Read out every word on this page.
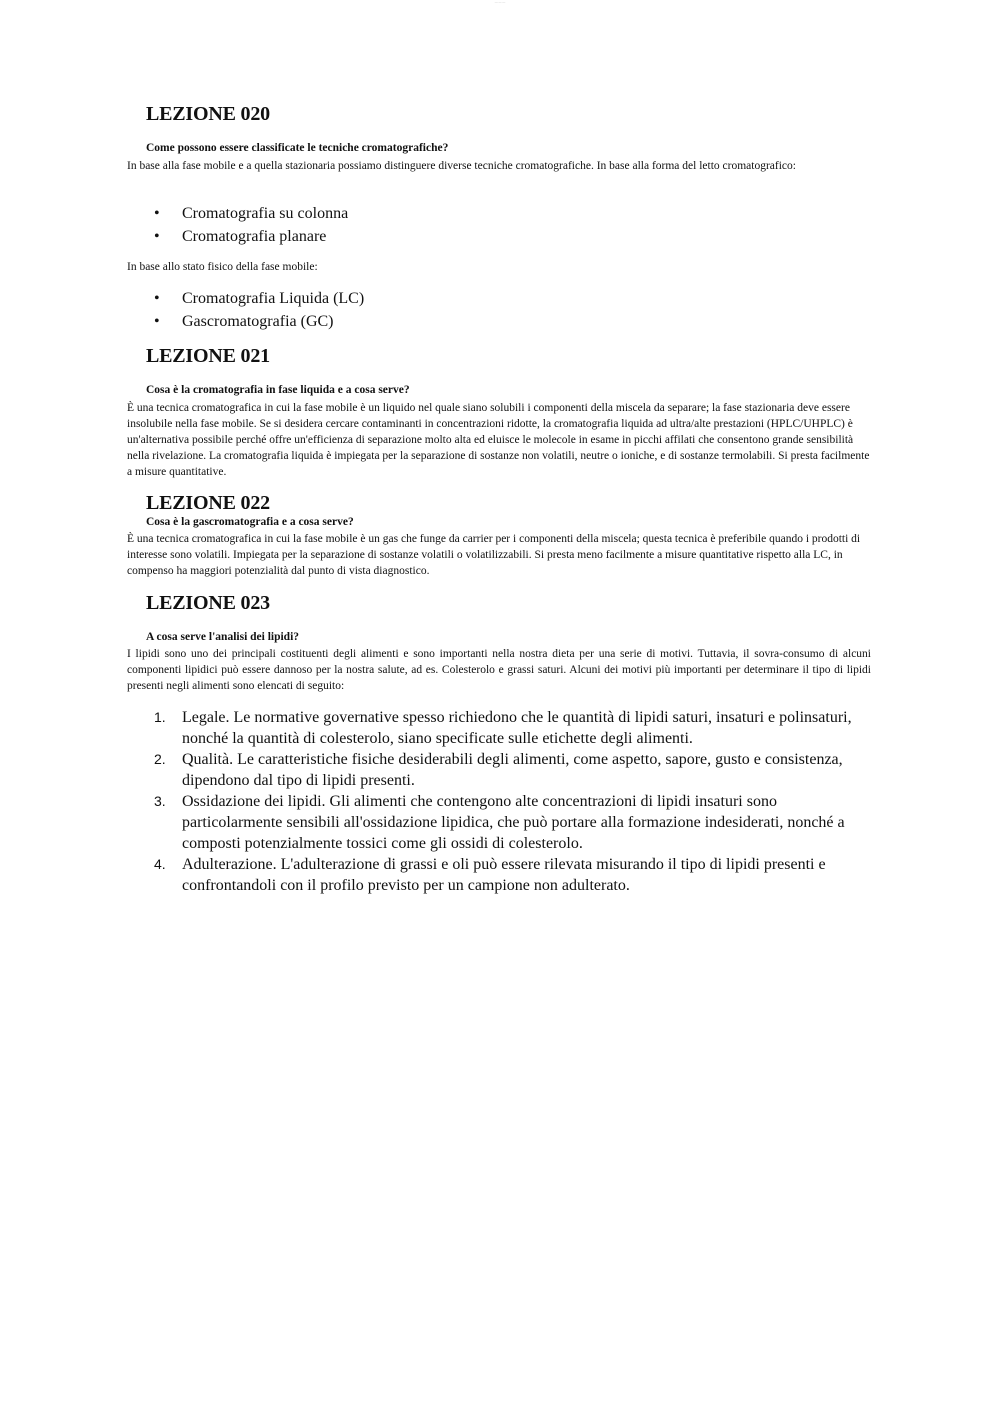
— — —
LEZIONE 020

Come possono essere classificate le tecniche cromatografiche?

In base alla fase mobile e a quella stazionaria possiamo distinguere diverse tecniche cromatografiche. In base alla forma del letto cromatografico:

• Cromatografia su colonna
• Cromatografia planare

In base allo stato fisico della fase mobile:

• Cromatografia Liquida (LC)
• Gascromatografia (GC)
LEZIONE 021

Cosa è la cromatografia in fase liquida e a cosa serve?

È una tecnica cromatografica in cui la fase mobile è un liquido nel quale siano solubili i componenti della miscela da separare; la fase stazionaria deve essere insolubile nella fase mobile. Se si desidera cercare contaminanti in concentrazioni ridotte, la cromatografia liquida ad ultra/alte prestazioni (HPLC/UHPLC) è un'alternativa possibile perché offre un'efficienza di separazione molto alta ed eluisce le molecole in esame in picchi affilati che consentono grande sensibilità nella rivelazione. La cromatografia liquida è impiegata per la separazione di sostanze non volatili, neutre o ioniche, e di sostanze termolabili. Si presta facilmente a misure quantitative.

LEZIONE 022

Cosa è la gascromatografia e a cosa serve?

È una tecnica cromatografica in cui la fase mobile è un gas che funge da carrier per i componenti della miscela; questa tecnica è preferibile quando i prodotti di interesse sono volatili. Impiegata per la separazione di sostanze volatili o volatilizzabili. Si presta meno facilmente a misure quantitative rispetto alla LC, in compenso ha maggiori potenzialità dal punto di vista diagnostico.

LEZIONE 023

A cosa serve l'analisi dei lipidi?

I lipidi sono uno dei principali costituenti degli alimenti e sono importanti nella nostra dieta per una serie di motivi. Tuttavia, il sovra-consumo di alcuni componenti lipidici può essere dannoso per la nostra salute, ad es. Colesterolo e grassi saturi. Alcuni dei motivi più importanti per determinare il tipo di lipidi presenti negli alimenti sono elencati di seguito:

1. Legale. Le normative governative spesso richiedono che le quantità di lipidi saturi, insaturi e polinsaturi, nonché la quantità di colesterolo, siano specificate sulle etichette degli alimenti.
2. Qualità. Le caratteristiche fisiche desiderabili degli alimenti, come aspetto, sapore, gusto e consistenza, dipendono dal tipo di lipidi presenti.
3. Ossidazione dei lipidi. Gli alimenti che contengono alte concentrazioni di lipidi insaturi sono particolarmente sensibili all'ossidazione lipidica, che può portare alla formazione indesiderati, nonché a composti potenzialmente tossici come gli ossidi di colesterolo.
4. Adulterazione. L'adulterazione di grassi e oli può essere rilevata misurando il tipo di lipidi presenti e confrontandoli con il profilo previsto per un campione non adulterato.
